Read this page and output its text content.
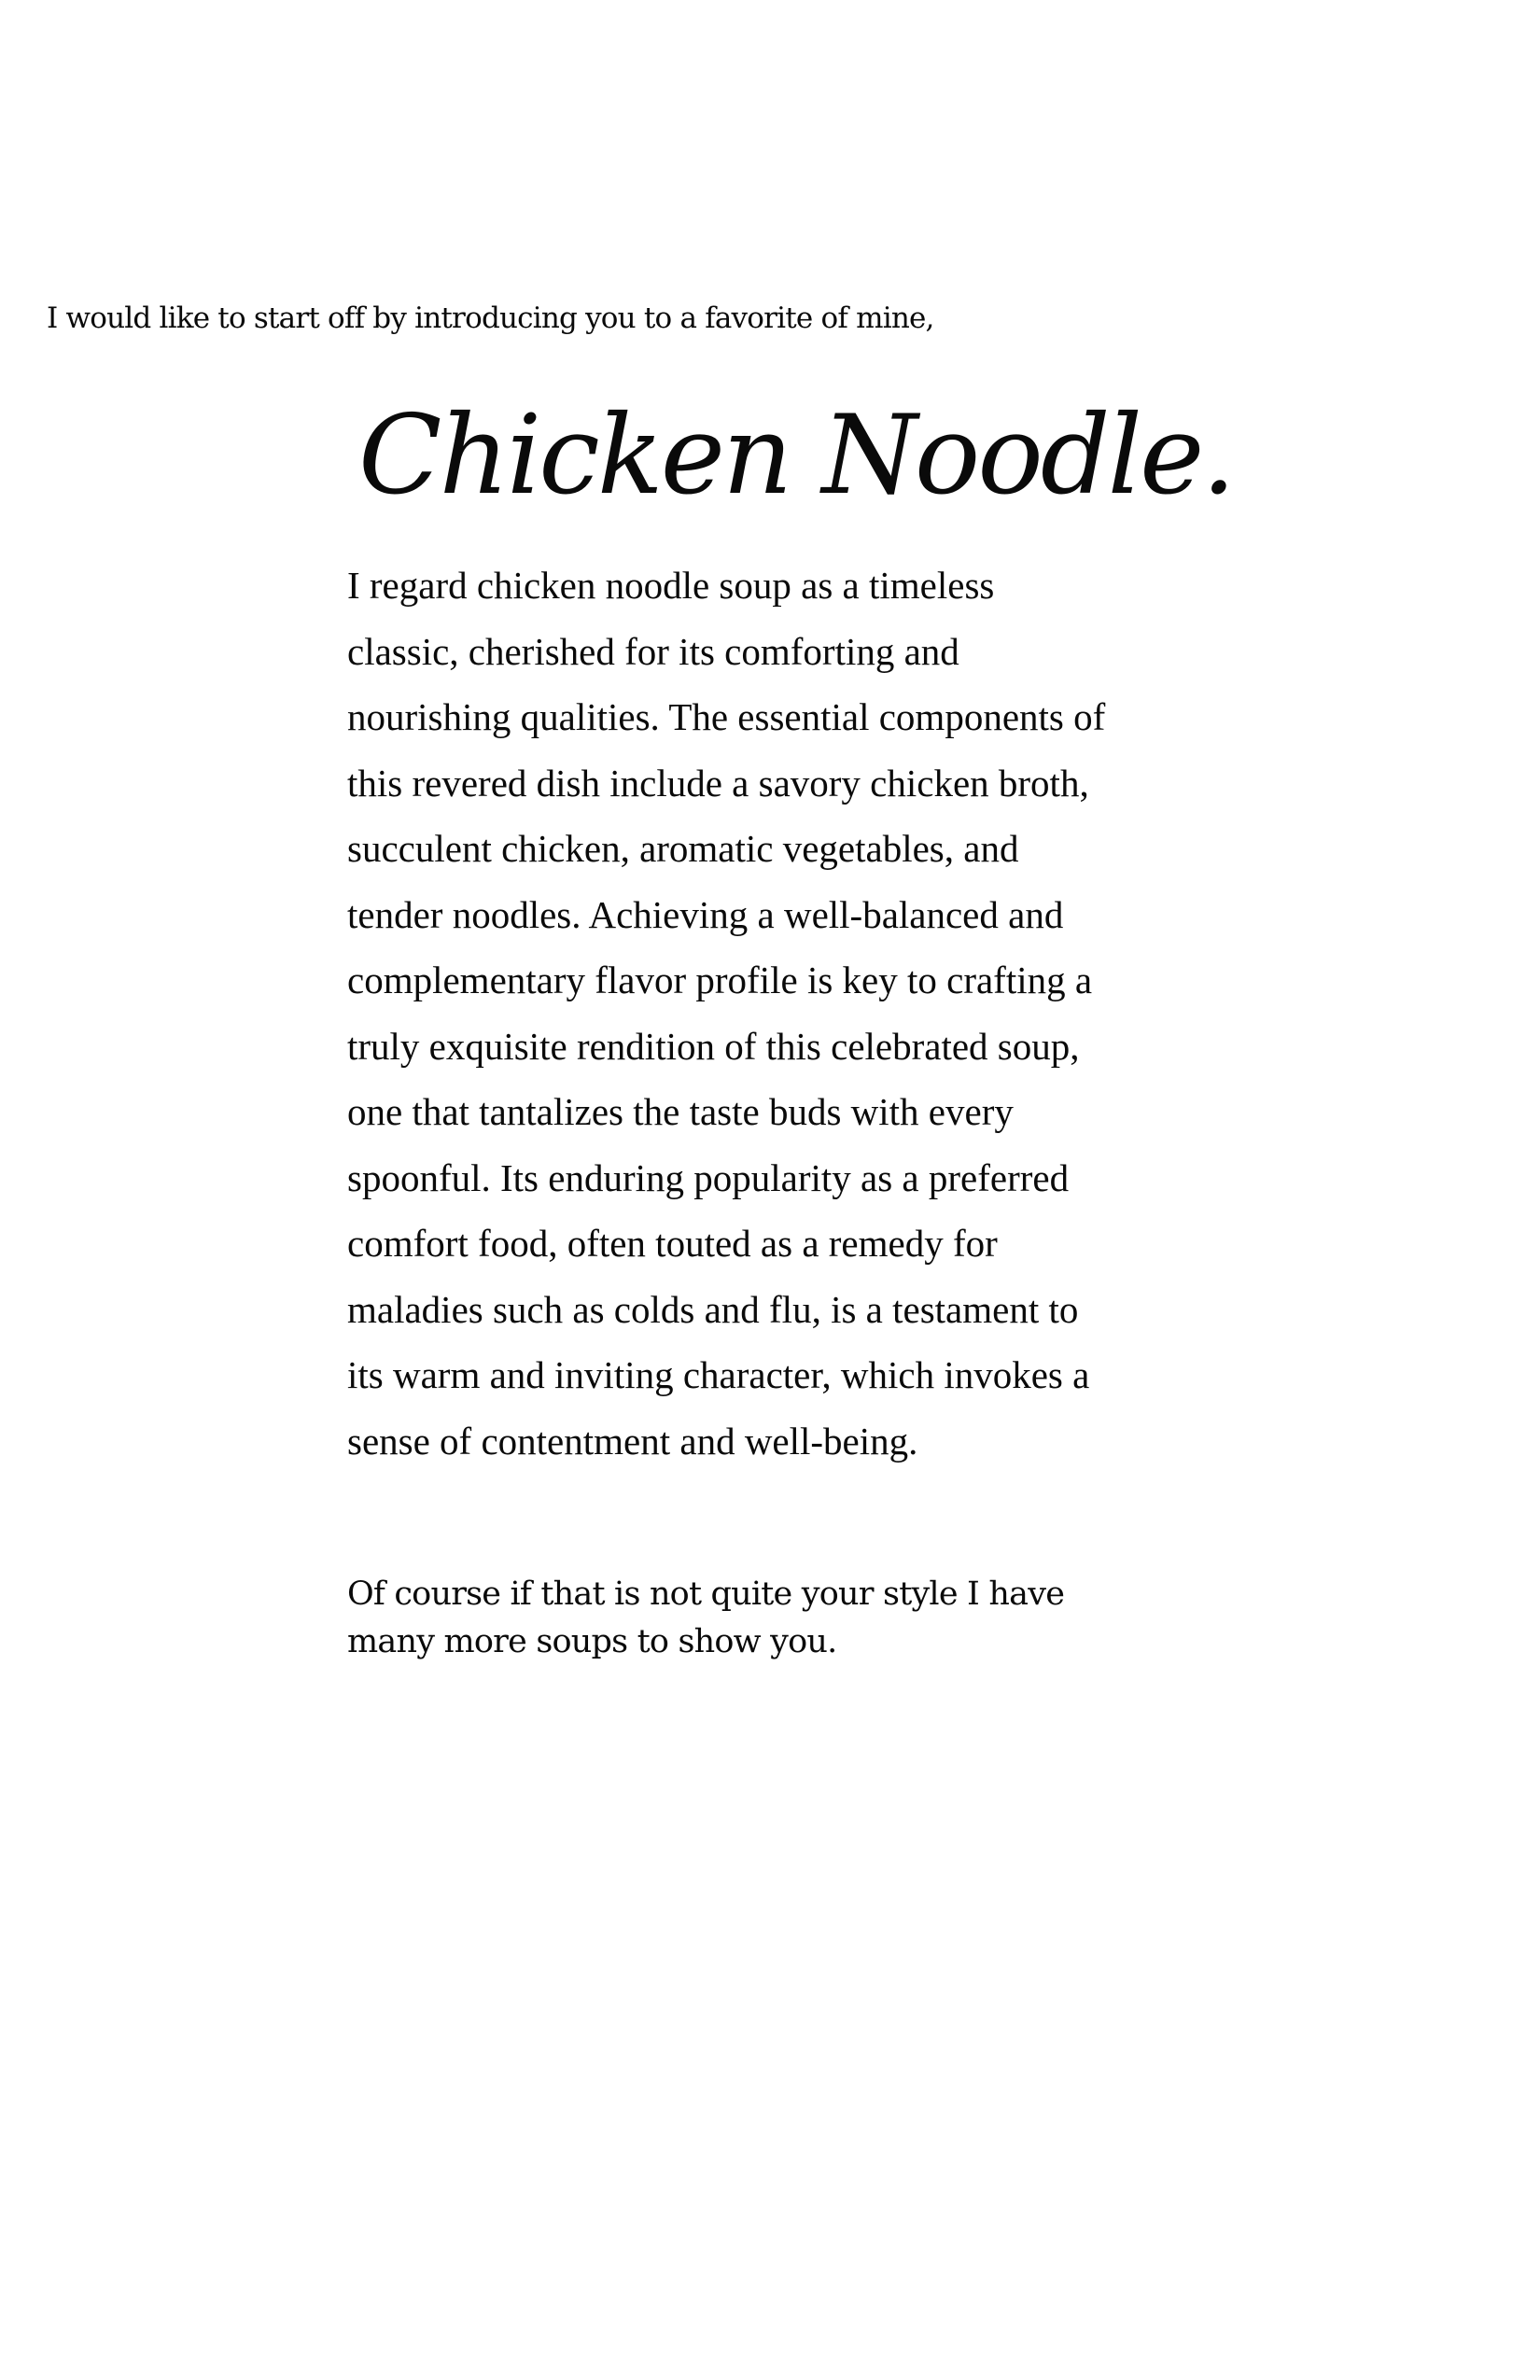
I would like to start off by introducing you to a favorite of mine,
Chicken Noodle.

I regard chicken noodle soup as a timeless
classic, cherished for its comforting and
nourishing qualities. The essential components of
this revered dish include a savory chicken broth,
succulent chicken, aromatic vegetables, and
tender noodles. Achieving a well-balanced and
complementary flavor profile is key to crafting a
truly exquisite rendition of this celebrated soup,
one that tantalizes the taste buds with every
spoonful. Its enduring popularity as a preferred
comfort food, often touted as a remedy for
maladies such as colds and flu, is a testament to
its warm and inviting character, which invokes a
sense of contentment and well-being.

Of course if that is not quite your style I have
many more soups to show you.
